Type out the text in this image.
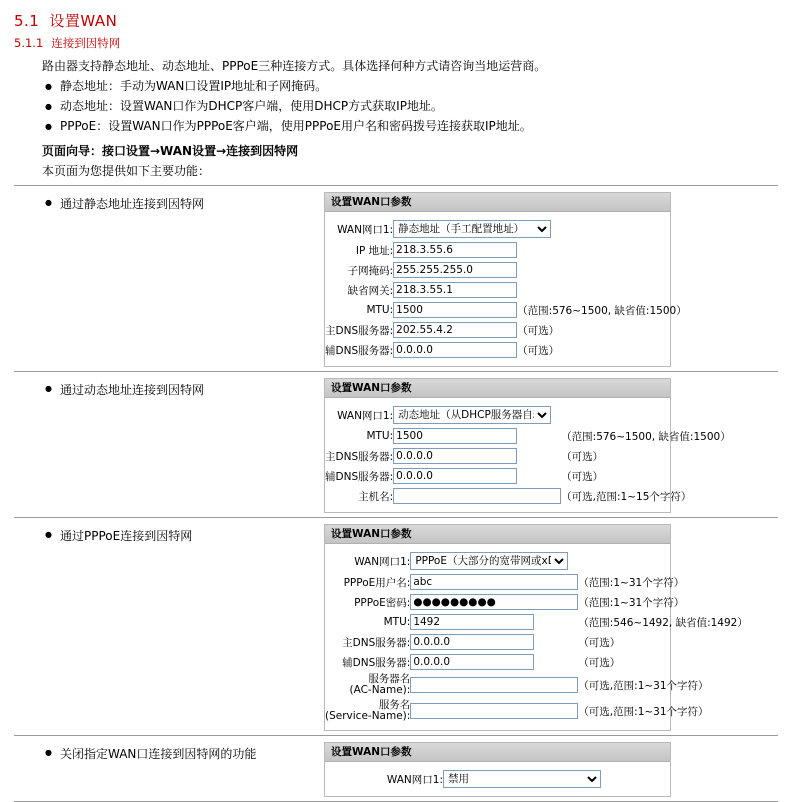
5.1 设置WAN
5.1.1 连接到因特网
路由器支持静态地址、动态地址、PPPoE三种连接方式。具体选择何种方式请咨询当地运营商。
● 静态地址：手动为WAN口设置IP地址和子网掩码。
● 动态地址：设置WAN口作为DHCP客户端，使用DHCP方式获取IP地址。
● PPPoE：设置WAN口作为PPPoE客户端，使用PPPoE用户名和密码拨号连接获取IP地址。
页面向导：接口设置→WAN设置→连接到因特网
本页面为您提供如下主要功能：
● 通过静态地址连接到因特网	设置WAN口参数
WAN网口1:	
静态地址（手工配置地址）
IP 地址:	218.3.55.6	
子网掩码:	255.255.255.0	
缺省网关:	218.3.55.1	
MTU:	1500	（范围:576~1500, 缺省值:1500）
主DNS服务器:	202.55.4.2	（可选）
辅DNS服务器:	0.0.0.0	（可选）
● 通过动态地址连接到因特网	设置WAN口参数
WAN网口1:	
动态地址（从DHCP服务器自动获取）
MTU:	1500	（范围:576~1500, 缺省值:1500）
主DNS服务器:	0.0.0.0	（可选）
辅DNS服务器:	0.0.0.0	（可选）
主机名:		（可选,范围:1~15个字符）
● 通过PPPoE连接到因特网	设置WAN口参数
WAN网口1:	
PPPoE（大部分的宽带网或xDSL）
PPPoE用户名:	abc	（范围:1~31个字符）
PPPoE密码:	●●●●●●●●●	（范围:1~31个字符）
MTU:	1492	（范围:546~1492, 缺省值:1492）
主DNS服务器:	0.0.0.0	（可选）
辅DNS服务器:	0.0.0.0	（可选）

服务器名
(AC-Name):		（可选,范围:1~31个字符）

服务名
(Service-Name):		（可选,范围:1~31个字符）
● 关闭指定WAN口连接到因特网的功能	设置WAN口参数
WAN网口1:	
禁用
